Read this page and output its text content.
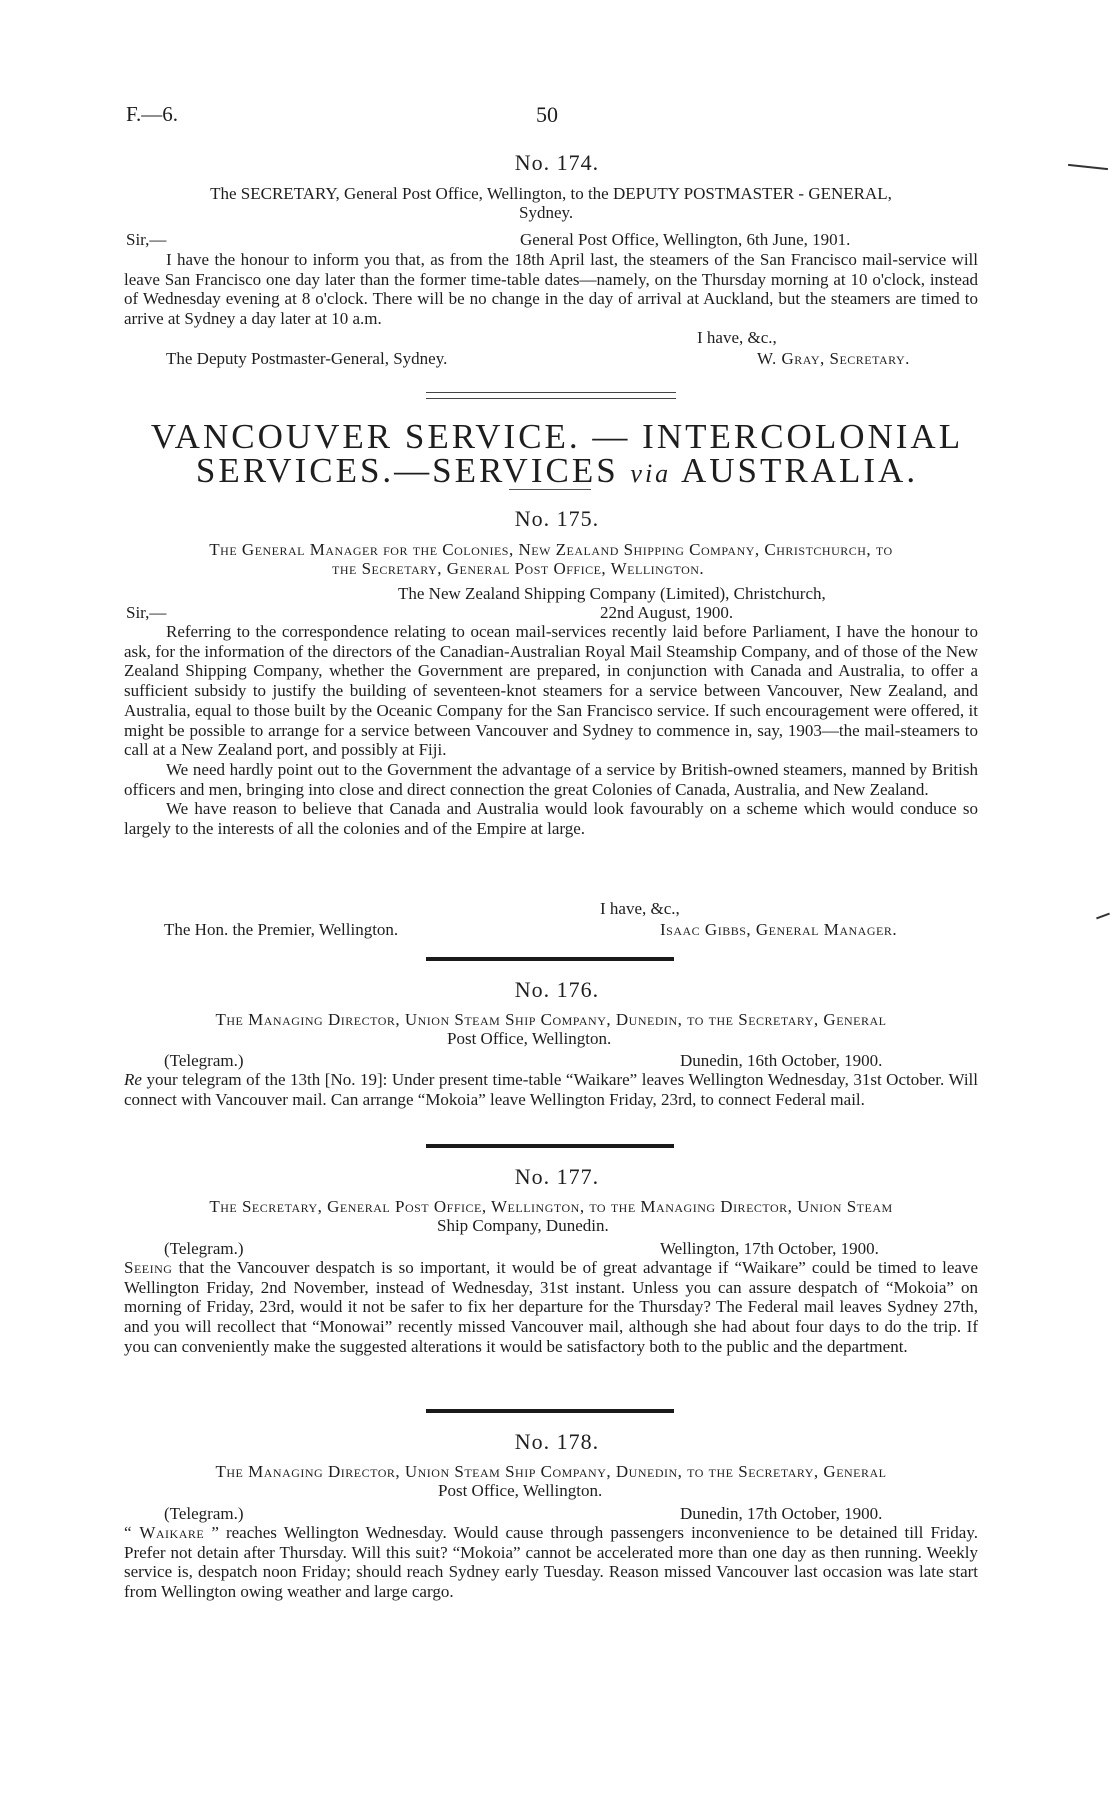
F.—6.	50
No. 174.
The SECRETARY, General Post Office, Wellington, to the DEPUTY POSTMASTER - GENERAL,
Sydney.
Sir,—	General Post Office, Wellington, 6th June, 1901.

I have the honour to inform you that, as from the 18th April last, the steamers of the San Francisco mail-service will leave San Francisco one day later than the former time-table dates—namely, on the Thursday morning at 10 o'clock, instead of Wednesday evening at 8 o'clock. There will be no change in the day of arrival at Auckland, but the steamers are timed to arrive at Sydney a day later at 10 a.m.

I have, &c.,
The Deputy Postmaster-General, Sydney.	W. Gray, Secretary.
VANCOUVER SERVICE. — INTERCOLONIAL
SERVICES.—SERVICES via AUSTRALIA.
No. 175.
The General Manager for the Colonies, New Zealand Shipping Company, Christchurch, to
the Secretary, General Post Office, Wellington.
The New Zealand Shipping Company (Limited), Christchurch,
Sir,—	22nd August, 1900.

Referring to the correspondence relating to ocean mail-services recently laid before Parliament, I have the honour to ask, for the information of the directors of the Canadian-Australian Royal Mail Steamship Company, and of those of the New Zealand Shipping Company, whether the Government are prepared, in conjunction with Canada and Australia, to offer a sufficient subsidy to justify the building of seventeen-knot steamers for a service between Vancouver, New Zealand, and Australia, equal to those built by the Oceanic Company for the San Francisco service. If such encouragement were offered, it might be possible to arrange for a service between Vancouver and Sydney to commence in, say, 1903—the mail-steamers to call at a New Zealand port, and possibly at Fiji.

We need hardly point out to the Government the advantage of a service by British-owned steamers, manned by British officers and men, bringing into close and direct connection the great Colonies of Canada, Australia, and New Zealand.

We have reason to believe that Canada and Australia would look favourably on a scheme which would conduce so largely to the interests of all the colonies and of the Empire at large.

I have, &c.,
The Hon. the Premier, Wellington.	Isaac Gibbs, General Manager.
No. 176.
The Managing Director, Union Steam Ship Company, Dunedin, to the Secretary, General
Post Office, Wellington.
(Telegram.)	Dunedin, 16th October, 1900.

Re your telegram of the 13th [No. 19]: Under present time-table “Waikare” leaves Wellington Wednesday, 31st October. Will connect with Vancouver mail. Can arrange “Mokoia” leave Wellington Friday, 23rd, to connect Federal mail.

No. 177.
The Secretary, General Post Office, Wellington, to the Managing Director, Union Steam
Ship Company, Dunedin.
(Telegram.)	Wellington, 17th October, 1900.

Seeing that the Vancouver despatch is so important, it would be of great advantage if “Waikare” could be timed to leave Wellington Friday, 2nd November, instead of Wednesday, 31st instant. Unless you can assure despatch of “Mokoia” on morning of Friday, 23rd, would it not be safer to fix her departure for the Thursday? The Federal mail leaves Sydney 27th, and you will recollect that “Monowai” recently missed Vancouver mail, although she had about four days to do the trip. If you can conveniently make the suggested alterations it would be satisfactory both to the public and the department.

No. 178.
The Managing Director, Union Steam Ship Company, Dunedin, to the Secretary, General
Post Office, Wellington.
(Telegram.)	Dunedin, 17th October, 1900.

“ Waikare ” reaches Wellington Wednesday. Would cause through passengers inconvenience to be detained till Friday. Prefer not detain after Thursday. Will this suit? “Mokoia” cannot be accelerated more than one day as then running. Weekly service is, despatch noon Friday; should reach Sydney early Tuesday. Reason missed Vancouver last occasion was late start from Wellington owing weather and large cargo.
